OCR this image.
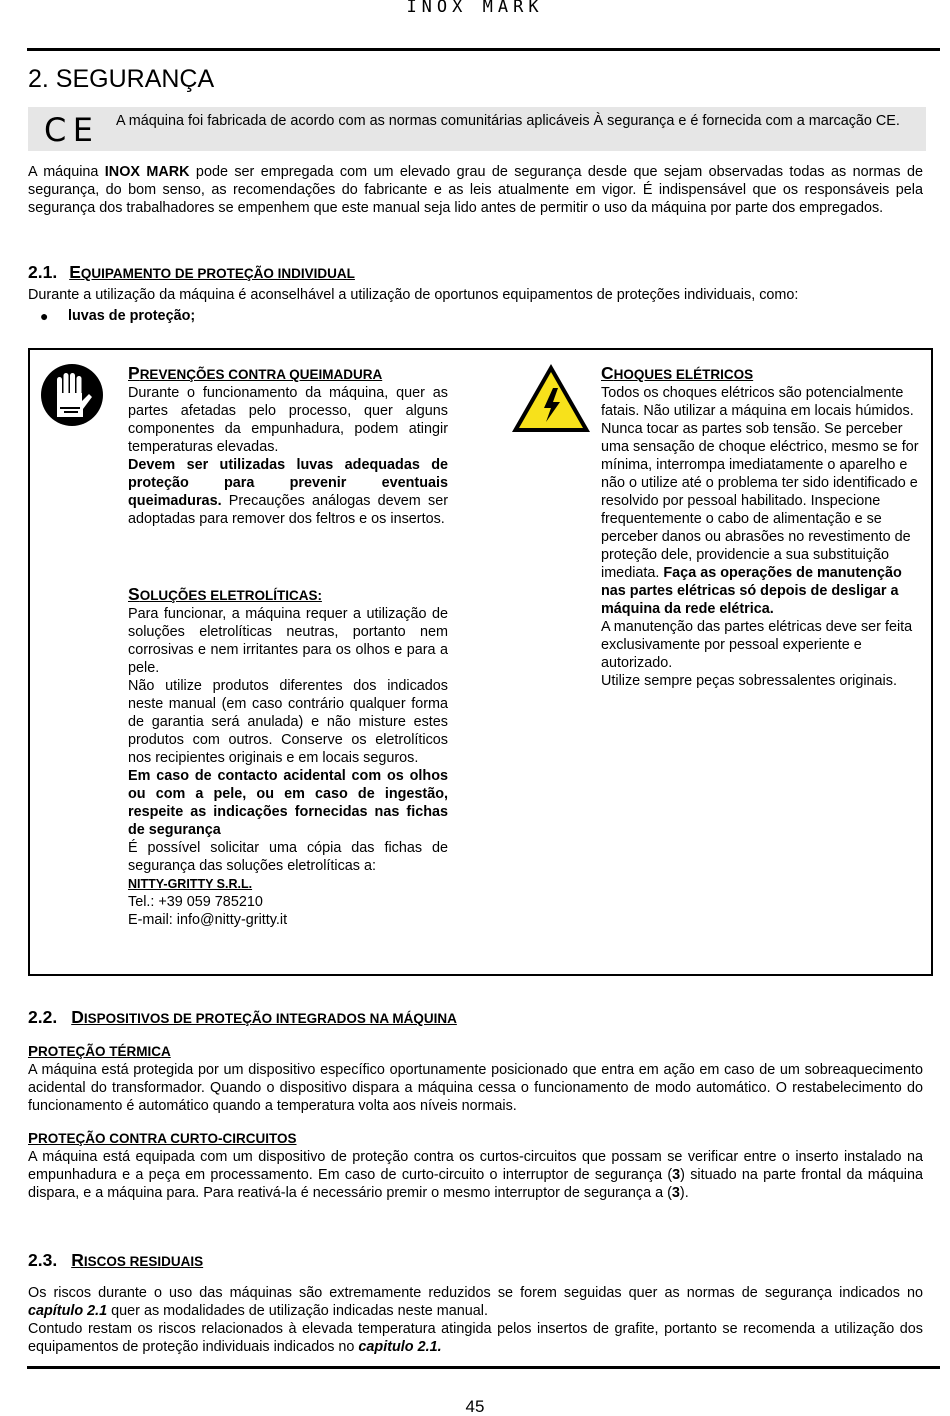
INOX MARK
2. SEGURANÇA
C E A máquina foi fabricada de acordo com as normas comunitárias aplicáveis À segurança e é fornecida com a marcação CE.
A máquina INOX MARK pode ser empregada com um elevado grau de segurança desde que sejam observadas todas as normas de segurança, do bom senso, as recomendações do fabricante e as leis atualmente em vigor. É indispensável que os responsáveis pela segurança dos trabalhadores se empenhem que este manual seja lido antes de permitir o uso da máquina por parte dos empregados.
2.1. EQUIPAMENTO DE PROTEÇÃO INDIVIDUAL
Durante a utilização da máquina é aconselhável a utilização de oportunos equipamentos de proteções individuais, como:
● luvas de proteção;
PREVENÇÕES CONTRA QUEIMADURA
Durante o funcionamento da máquina, quer as partes afetadas pelo processo, quer alguns componentes da empunhadura, podem atingir temperaturas elevadas.
Devem ser utilizadas luvas adequadas de proteção para prevenir eventuais queimaduras. Precauções análogas devem ser adoptadas para remover dos feltros e os insertos.
SOLUÇÕES ELETROLÍTICAS:
Para funcionar, a máquina requer a utilização de soluções eletrolíticas neutras, portanto nem corrosivas e nem irritantes para os olhos e para a pele.
Não utilize produtos diferentes dos indicados neste manual (em caso contrário qualquer forma de garantia será anulada) e não misture estes produtos com outros. Conserve os eletrolíticos nos recipientes originais e em locais seguros.
Em caso de contacto acidental com os olhos ou com a pele, ou em caso de ingestão, respeite as indicações fornecidas nas fichas de segurança
É possível solicitar uma cópia das fichas de segurança das soluções eletrolíticas a:
NITTY-GRITTY S.R.L.
Tel.: +39 059 785210
E-mail: info@nitty-gritty.it
CHOQUES ELÉTRICOS
Todos os choques elétricos são potencialmente fatais. Não utilizar a máquina em locais húmidos. Nunca tocar as partes sob tensão. Se perceber uma sensação de choque eléctrico, mesmo se for mínima, interrompa imediatamente o aparelho e não o utilize até o problema ter sido identificado e resolvido por pessoal habilitado. Inspecione frequentemente o cabo de alimentação e se perceber danos ou abrasões no revestimento de proteção dele, providencie a sua substituição imediata. Faça as operações de manutenção nas partes elétricas só depois de desligar a máquina da rede elétrica.
A manutenção das partes elétricas deve ser feita exclusivamente por pessoal experiente e autorizado.
Utilize sempre peças sobressalentes originais.
2.2. DISPOSITIVOS DE PROTEÇÃO INTEGRADOS NA MÁQUINA
PROTEÇÃO TÉRMICA
A máquina está protegida por um dispositivo específico oportunamente posicionado que entra em ação em caso de um sobreaquecimento acidental do transformador. Quando o dispositivo dispara a máquina cessa o funcionamento de modo automático. O restabelecimento do funcionamento é automático quando a temperatura volta aos níveis normais.
PROTEÇÃO CONTRA CURTO-CIRCUITOS
A máquina está equipada com um dispositivo de proteção contra os curtos-circuitos que possam se verificar entre o inserto instalado na empunhadura e a peça em processamento. Em caso de curto-circuito o interruptor de segurança (3) situado na parte frontal da máquina dispara, e a máquina para. Para reativá-la é necessário premir o mesmo interruptor de segurança a (3).
2.3. RISCOS RESIDUAIS
Os riscos durante o uso das máquinas são extremamente reduzidos se forem seguidas quer as normas de segurança indicados no capítulo 2.1 quer as modalidades de utilização indicadas neste manual.
Contudo restam os riscos relacionados à elevada temperatura atingida pelos insertos de grafite, portanto se recomenda a utilização dos equipamentos de proteção individuais indicados no capitulo 2.1.
45
